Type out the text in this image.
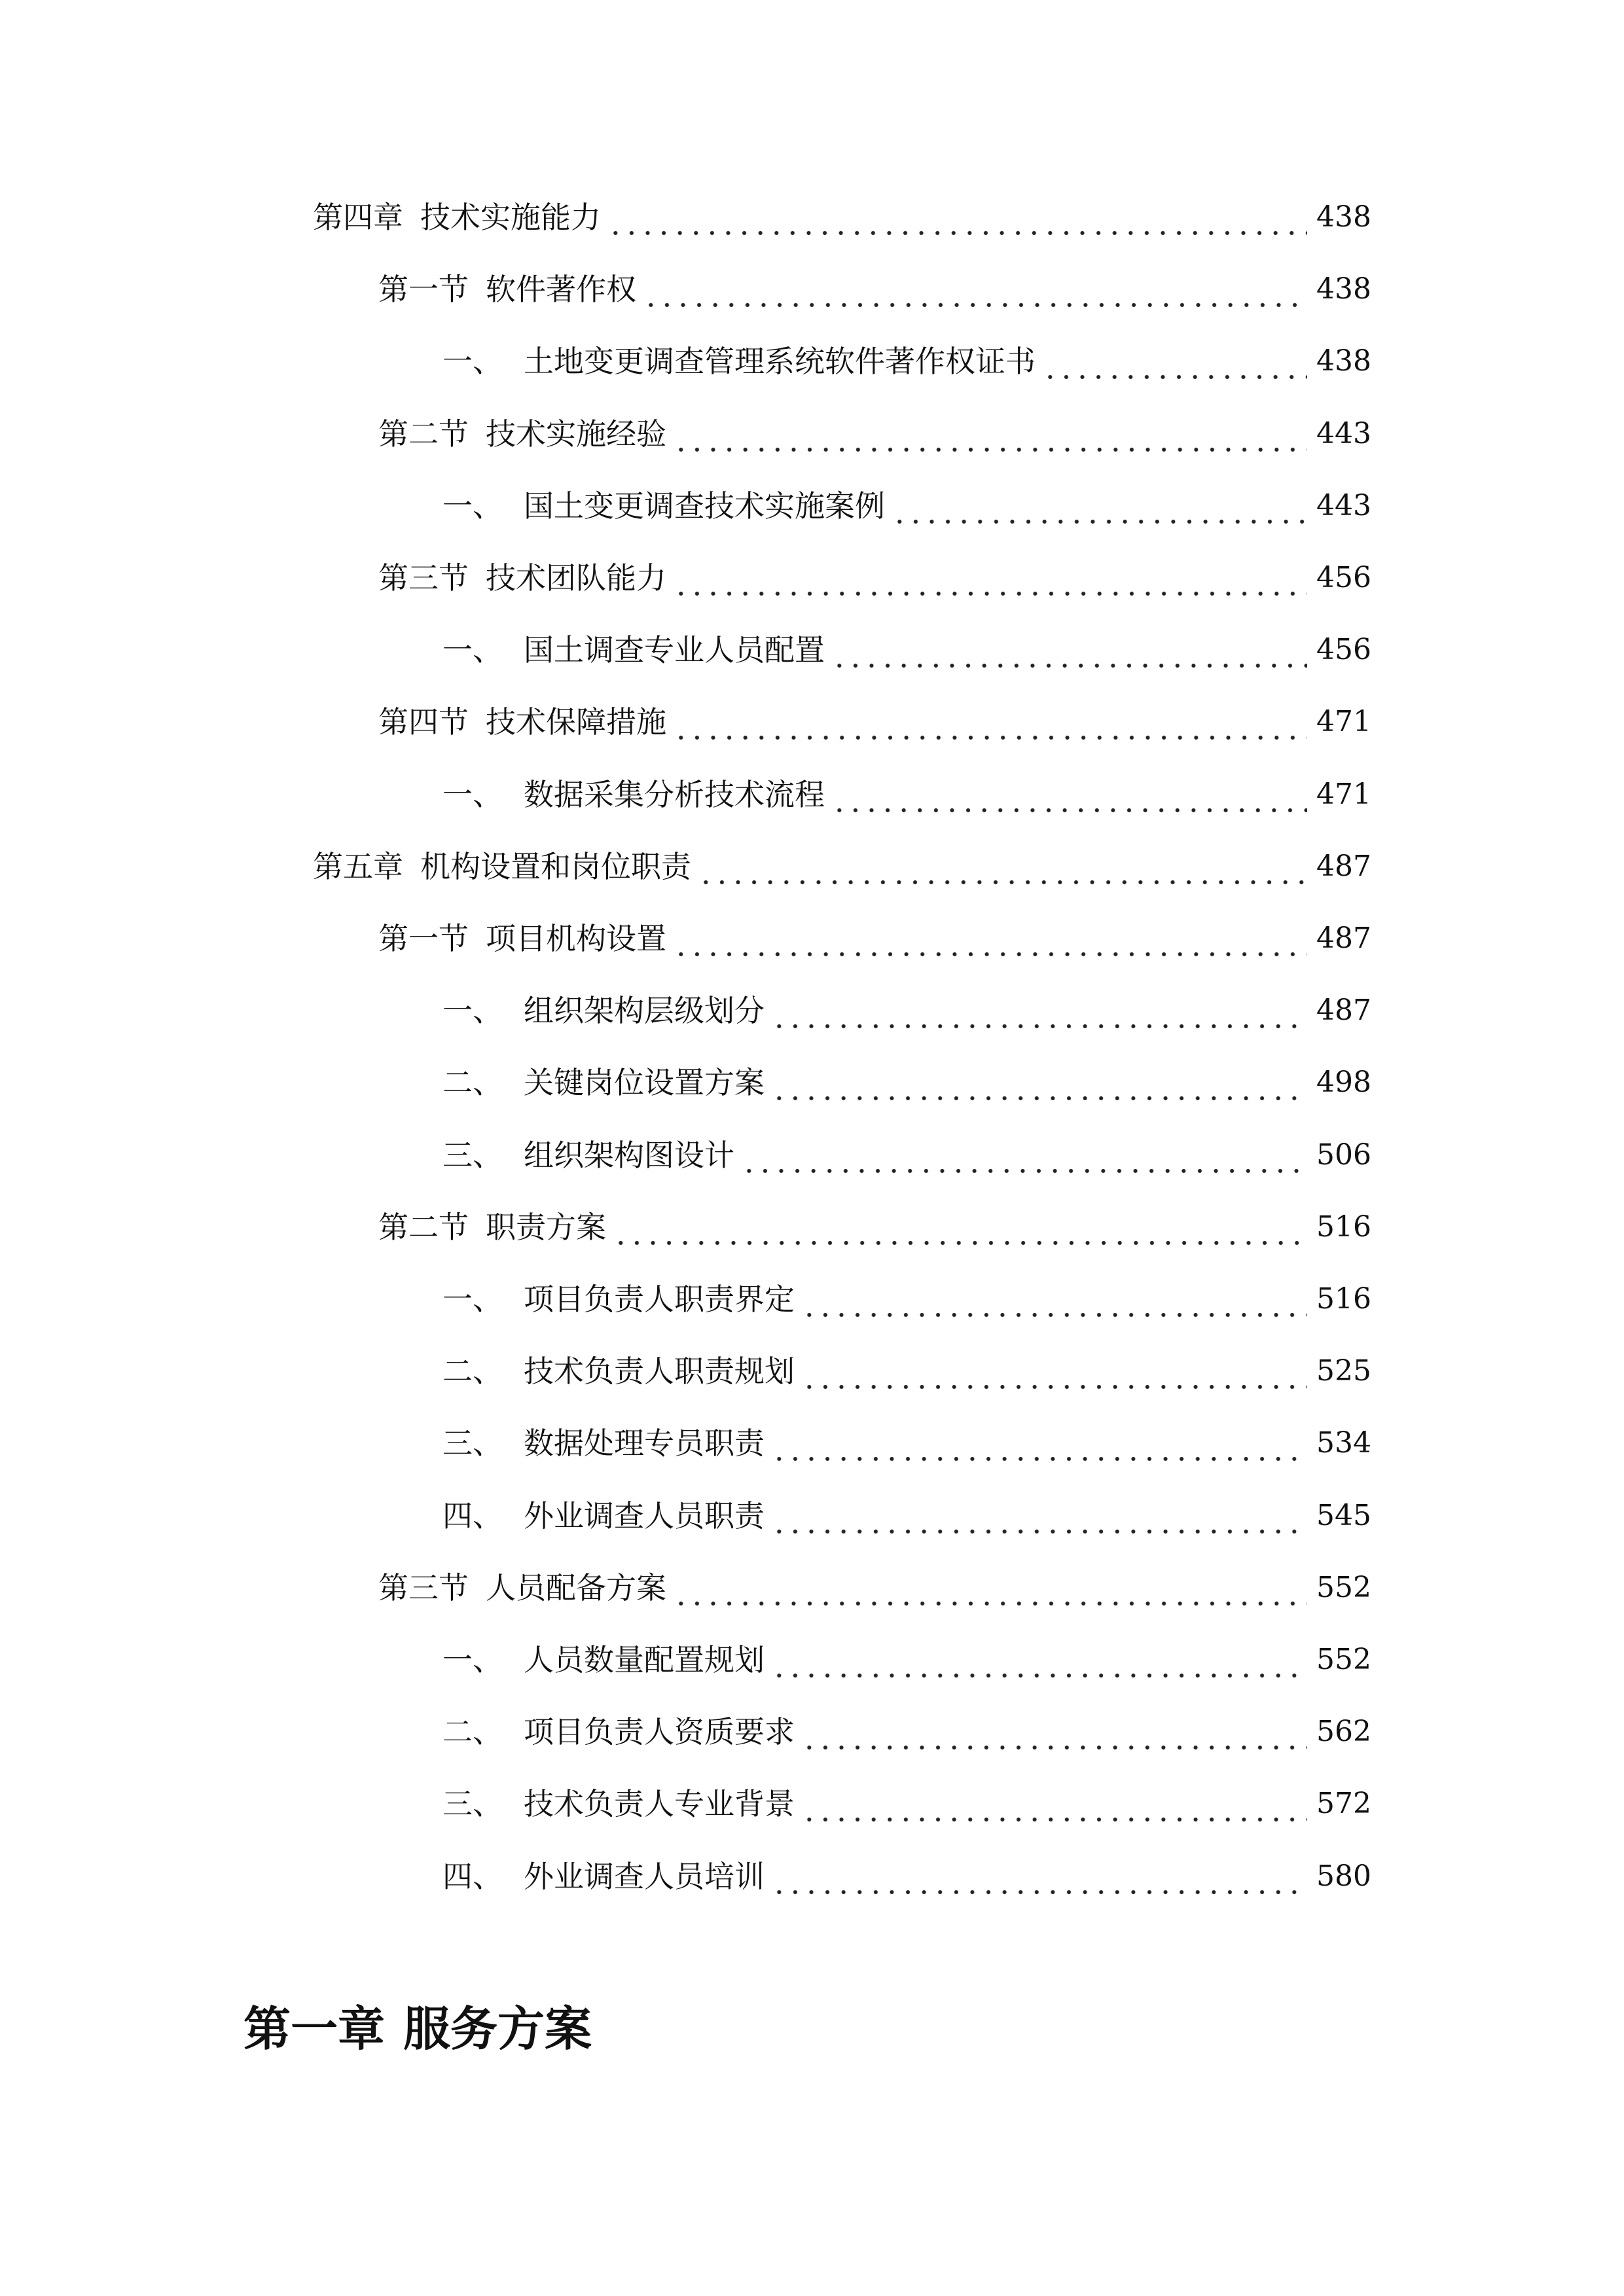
第四章 技术实施能力	438
第一节 软件著作权	438
一、 土地变更调查管理系统软件著作权证书	438
第二节 技术实施经验	443
一、 国土变更调查技术实施案例	443
第三节 技术团队能力	456
一、 国土调查专业人员配置	456
第四节 技术保障措施	471
一、 数据采集分析技术流程	471
第五章 机构设置和岗位职责	487
第一节 项目机构设置	487
一、 组织架构层级划分	487
二、 关键岗位设置方案	498
三、 组织架构图设计	506
第二节 职责方案	516
一、 项目负责人职责界定	516
二、 技术负责人职责规划	525
三、 数据处理专员职责	534
四、 外业调查人员职责	545
第三节 人员配备方案	552
一、 人员数量配置规划	552
二、 项目负责人资质要求	562
三、 技术负责人专业背景	572
四、 外业调查人员培训	580
第一章 服务方案
